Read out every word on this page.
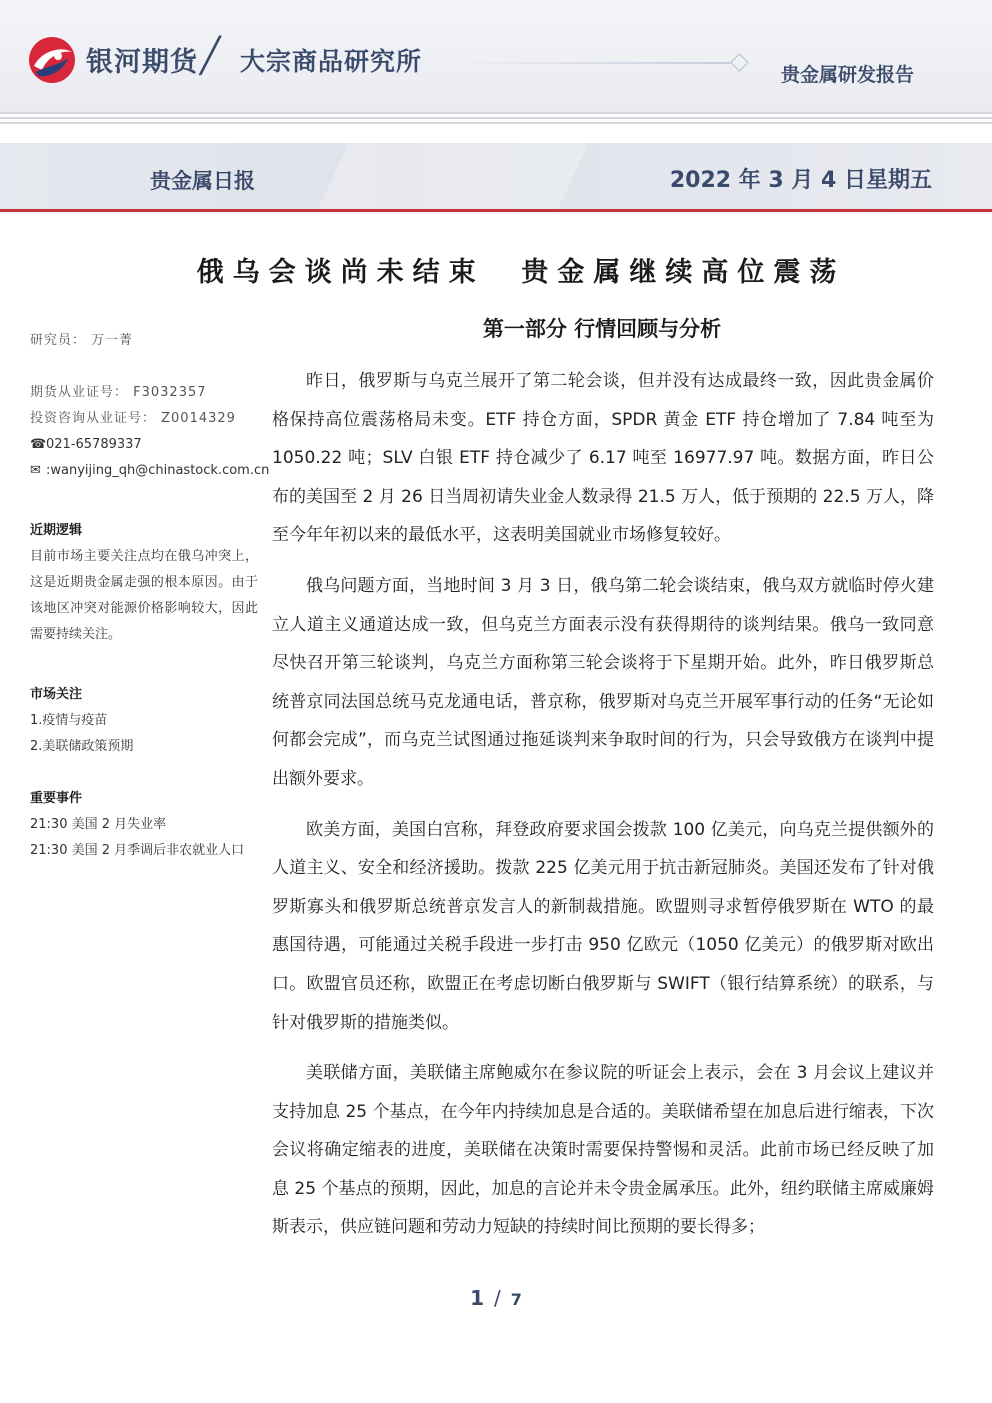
银河期货 ╱ 大宗商品研究所	贵金属研发报告
贵金属日报	2022 年 3 月 4 日星期五
俄乌会谈尚未结束  贵金属继续高位震荡
研究员： 万一菁
期货从业证号： F3032357
投资咨询从业证号： Z0014329
☎021-65789337
✉ :wanyijing_qh@chinastock.com.cn
近期逻辑
目前市场主要关注点均在俄乌冲突上，这是近期贵金属走强的根本原因。由于该地区冲突对能源价格影响较大，因此需要持续关注。
市场关注
1.疫情与疫苗
2.美联储政策预期
重要事件
21:30 美国 2 月失业率
21:30 美国 2 月季调后非农就业人口
第一部分 行情回顾与分析

昨日，俄罗斯与乌克兰展开了第二轮会谈，但并没有达成最终一致，因此贵金属价格保持高位震荡格局未变。ETF 持仓方面，SPDR 黄金 ETF 持仓增加了 7.84 吨至为 1050.22 吨；SLV 白银 ETF 持仓减少了 6.17 吨至 16977.97 吨。数据方面，昨日公布的美国至 2 月 26 日当周初请失业金人数录得 21.5 万人，低于预期的 22.5 万人，降至今年年初以来的最低水平，这表明美国就业市场修复较好。

俄乌问题方面，当地时间 3 月 3 日，俄乌第二轮会谈结束，俄乌双方就临时停火建立人道主义通道达成一致，但乌克兰方面表示没有获得期待的谈判结果。俄乌一致同意尽快召开第三轮谈判，乌克兰方面称第三轮会谈将于下星期开始。此外，昨日俄罗斯总统普京同法国总统马克龙通电话，普京称，俄罗斯对乌克兰开展军事行动的任务“无论如何都会完成”，而乌克兰试图通过拖延谈判来争取时间的行为，只会导致俄方在谈判中提出额外要求。

欧美方面，美国白宫称，拜登政府要求国会拨款 100 亿美元，向乌克兰提供额外的人道主义、安全和经济援助。拨款 225 亿美元用于抗击新冠肺炎。美国还发布了针对俄罗斯寡头和俄罗斯总统普京发言人的新制裁措施。欧盟则寻求暂停俄罗斯在 WTO 的最惠国待遇，可能通过关税手段进一步打击 950 亿欧元（1050 亿美元）的俄罗斯对欧出口。欧盟官员还称，欧盟正在考虑切断白俄罗斯与 SWIFT（银行结算系统）的联系，与针对俄罗斯的措施类似。

美联储方面，美联储主席鲍威尔在参议院的听证会上表示，会在 3 月会议上建议并支持加息 25 个基点，在今年内持续加息是合适的。美联储希望在加息后进行缩表，下次会议将确定缩表的进度，美联储在决策时需要保持警惕和灵活。此前市场已经反映了加息 25 个基点的预期，因此，加息的言论并未令贵金属承压。此外，纽约联储主席威廉姆斯表示，供应链问题和劳动力短缺的持续时间比预期的要长得多；

1 / 7
